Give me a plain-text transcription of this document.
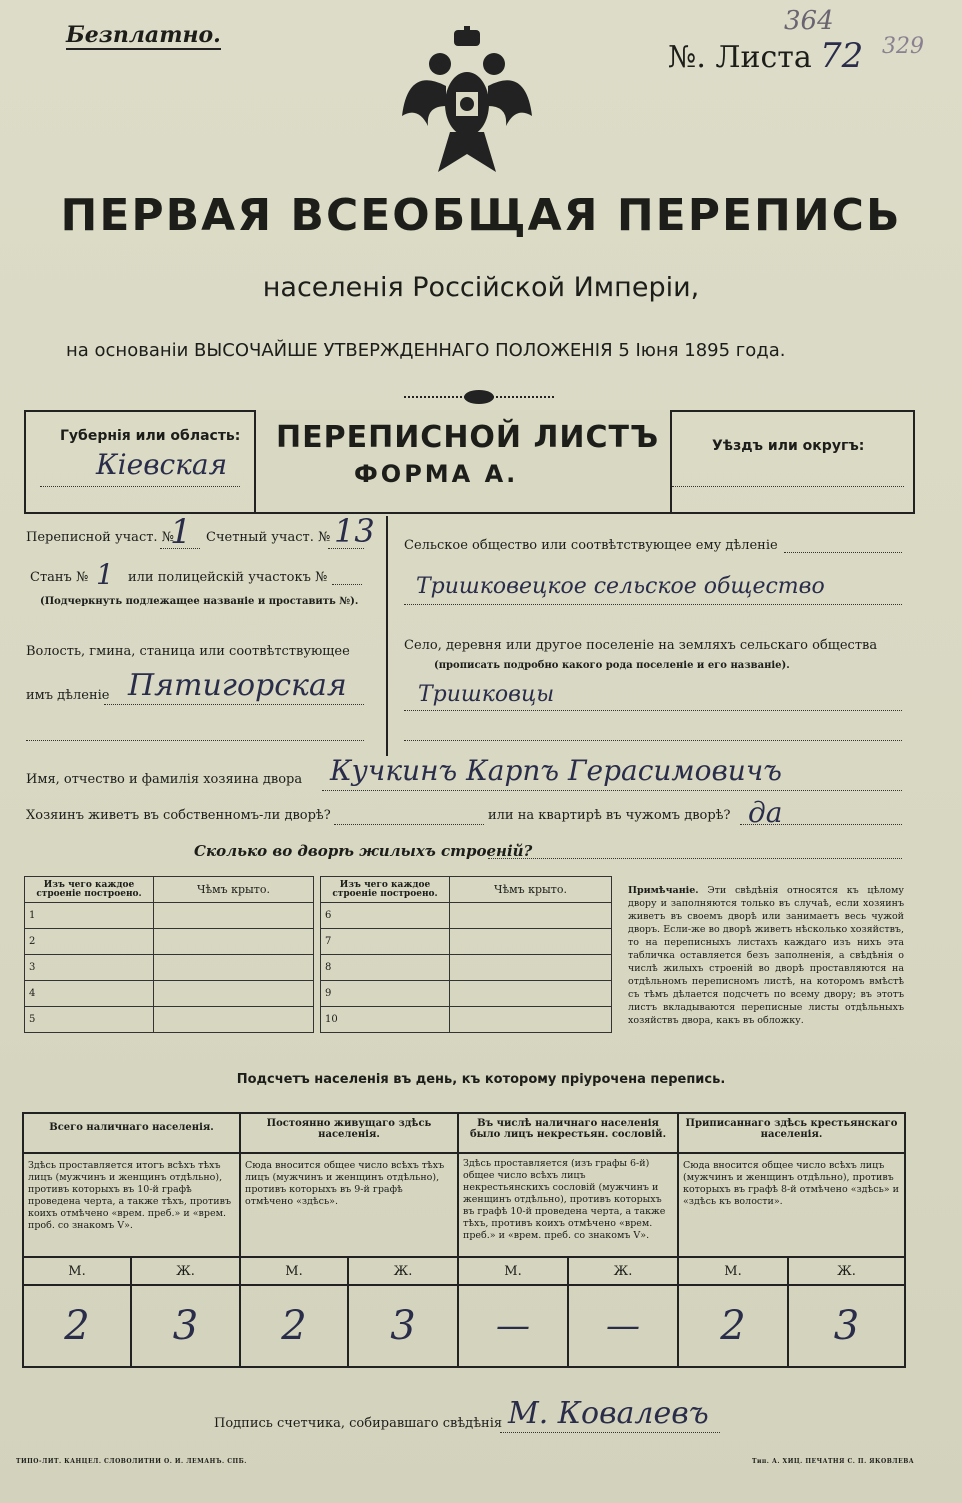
Безплатно.
№. Листа 72
364
329
ПЕРВАЯ ВСЕОБЩАЯ ПЕРЕПИСЬ
населенія Россійской Имперіи,
на основаніи ВЫСОЧАЙШЕ УТВЕРЖДЕННАГО ПОЛОЖЕНІЯ 5 Іюня 1895 года.
Губернія или область:
Кіевская
ПЕРЕПИСНОЙ ЛИСТЪ
ФОРМА А.
Уѣздъ или округъ:
Переписной участ. №
1 Счетный участ. № 13
Станъ № 1 или полицейскій участокъ №
(Подчеркнуть подлежащее названіе и проставить №).
Волость, гмина, станица или соотвѣтствующее
имъ дѣленіе Пятигорская
Сельское общество или соотвѣтствующее ему дѣленіе
Тришковецкое сельское общество
Село, деревня или другое поселеніе на земляхъ сельскаго общества
(прописать подробно какого рода поселеніе и его названіе).
Тришковцы
Имя, отчество и фамилія хозяина двора Кучкинъ Карпъ Герасимовичъ
Хозяинъ живетъ въ собственномъ-ли дворѣ?	или на квартирѣ въ чужомъ дворѣ? да
Сколько во дворѣ жилыхъ строеній?
Изъ чего каждое строеніе построено.	Чѣмъ крыто.
1	
2	
3	
4	
5	
Изъ чего каждое строеніе построено.	Чѣмъ крыто.
6	
7	
8	
9	
10	
Примѣчаніе. Эти свѣдѣнія относятся къ цѣлому двору и заполняются только въ случаѣ, если хозяинъ живетъ въ своемъ дворѣ или занимаетъ весь чужой дворъ. Если-же во дворѣ живетъ нѣсколько хозяйствъ, то на переписныхъ листахъ каждаго изъ нихъ эта табличка оставляется безъ заполненія, а свѣдѣнія о числѣ жилыхъ строеній во дворѣ проставляются на отдѣльномъ переписномъ листѣ, на которомъ вмѣстѣ съ тѣмъ дѣлается подсчетъ по всему двору; въ этотъ листъ вкладываются переписные листы отдѣльныхъ хозяйствъ двора, какъ въ обложку.
Подсчетъ населенія въ день, къ которому пріурочена перепись.
Всего наличнаго населенія.		Постоянно живущаго здѣсь населенія.		Въ числѣ наличнаго населенія было лицъ некрестьян. сословій.		Приписаннаго здѣсь крестьянскаго населенія.	
Здѣсь проставляется итогъ всѣхъ тѣхъ лицъ (мужчинъ и женщинъ отдѣльно), противъ которыхъ въ 10-й графѣ проведена черта, а также тѣхъ, противъ коихъ отмѣчено «врем. преб.» и «врем. проб. со знакомъ V».		Сюда вносится общее число всѣхъ тѣхъ лицъ (мужчинъ и женщинъ отдѣльно), противъ которыхъ въ 9-й графѣ отмѣчено «здѣсь».		Здѣсь проставляется (изъ графы 6-й) общее число всѣхъ лицъ некрестьянскихъ сословій (мужчинъ и женщинъ отдѣльно), противъ которыхъ въ графѣ 10-й проведена черта, а также тѣхъ, противъ коихъ отмѣчено «врем. преб.» и «врем. преб. со знакомъ V».		Сюда вносится общее число всѣхъ лицъ (мужчинъ и женщинъ отдѣльно), противъ которыхъ въ графѣ 8-й отмѣчено «здѣсь» и «здѣсь къ волости».	
М.	Ж.	М.	Ж.	М.	Ж.	М.	Ж.
2	3	2	3	—	—	2	3
Подпись счетчика, собиравшаго свѣдѣнія М. Ковалевъ
ТИПО-ЛИТ. КАНЦЕЛ. СЛОВОЛИТНИ О. И. ЛЕМАНЪ. СПБ.	Тип. А. ХИЦ. ПЕЧАТНЯ С. П. ЯКОВЛЕВА
